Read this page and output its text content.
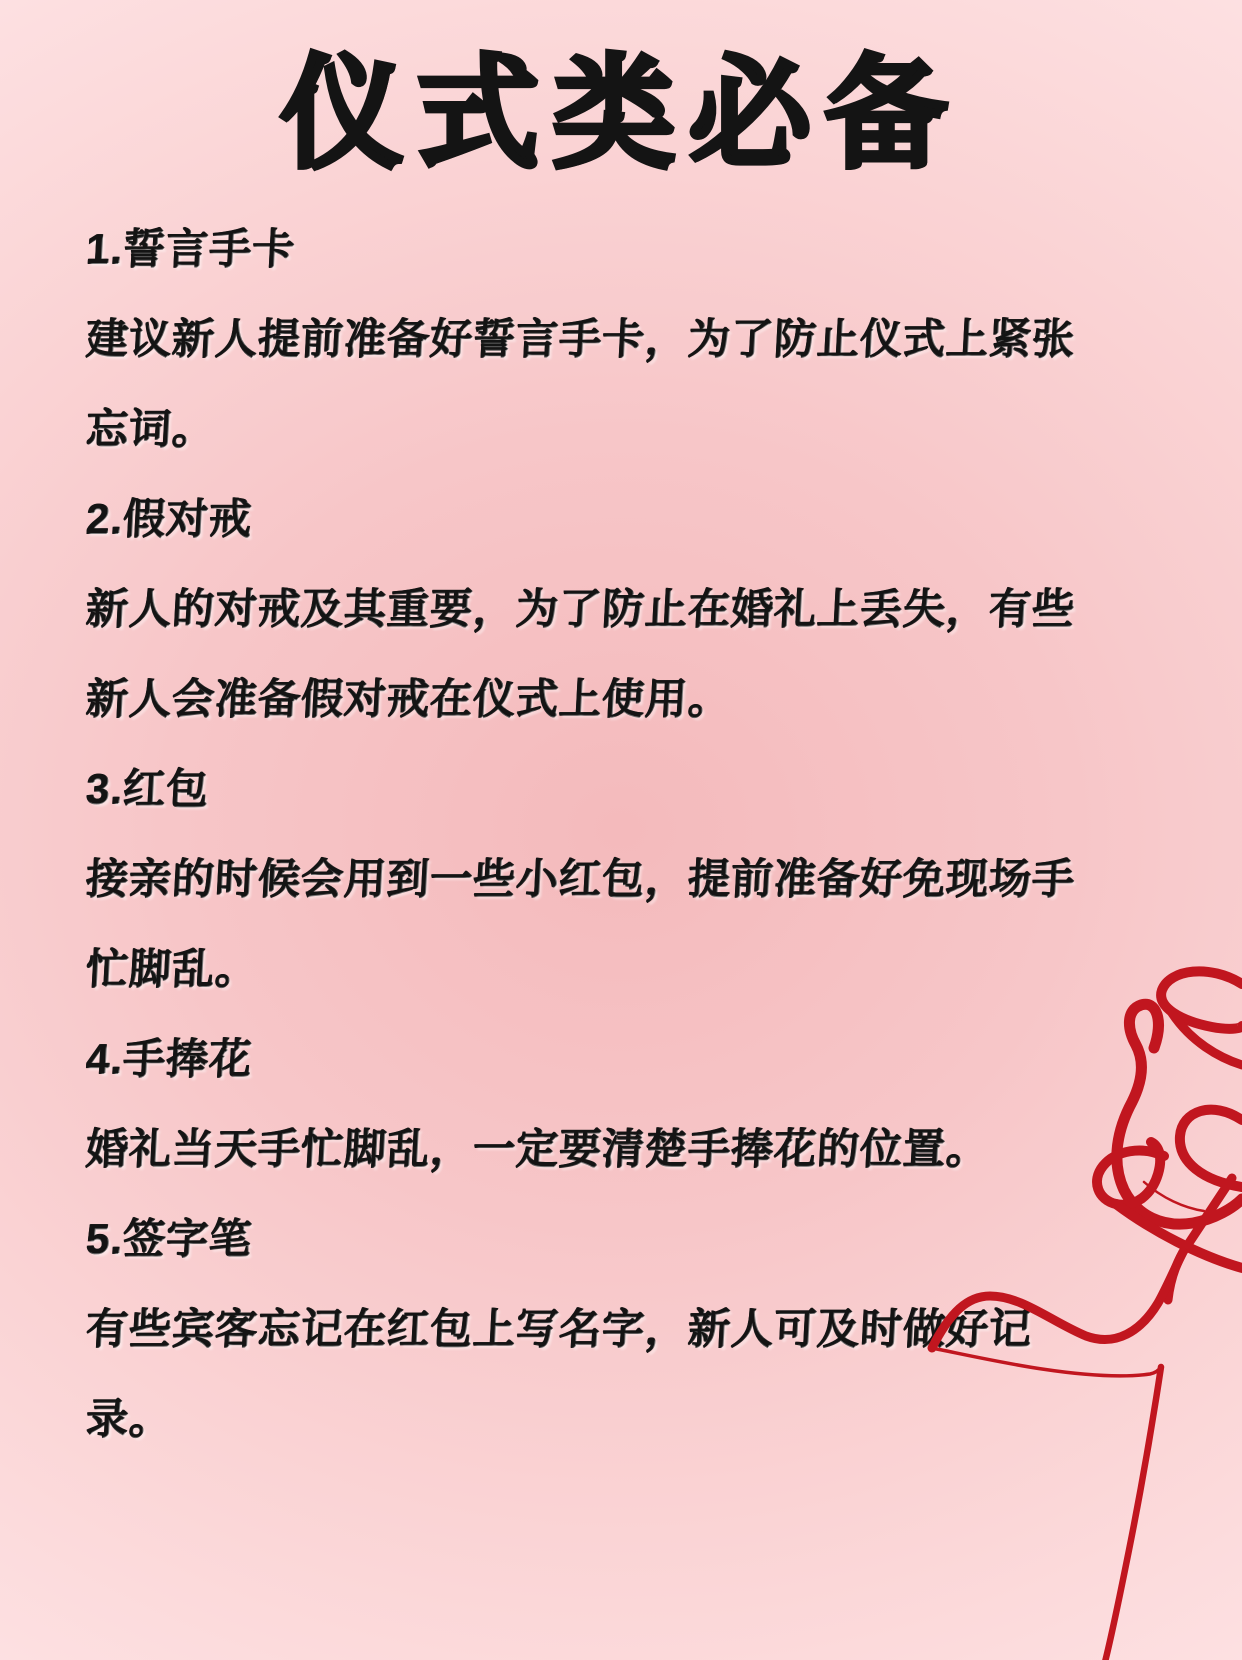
仪式类必备
1.誓言手卡
建议新人提前准备好誓言手卡，为了防止仪式上紧张
忘词。
2.假对戒
新人的对戒及其重要，为了防止在婚礼上丢失，有些
新人会准备假对戒在仪式上使用。
3.红包
接亲的时候会用到一些小红包，提前准备好免现场手
忙脚乱。
4.手捧花
婚礼当天手忙脚乱，一定要清楚手捧花的位置。
5.签字笔
有些宾客忘记在红包上写名字，新人可及时做好记
录。
